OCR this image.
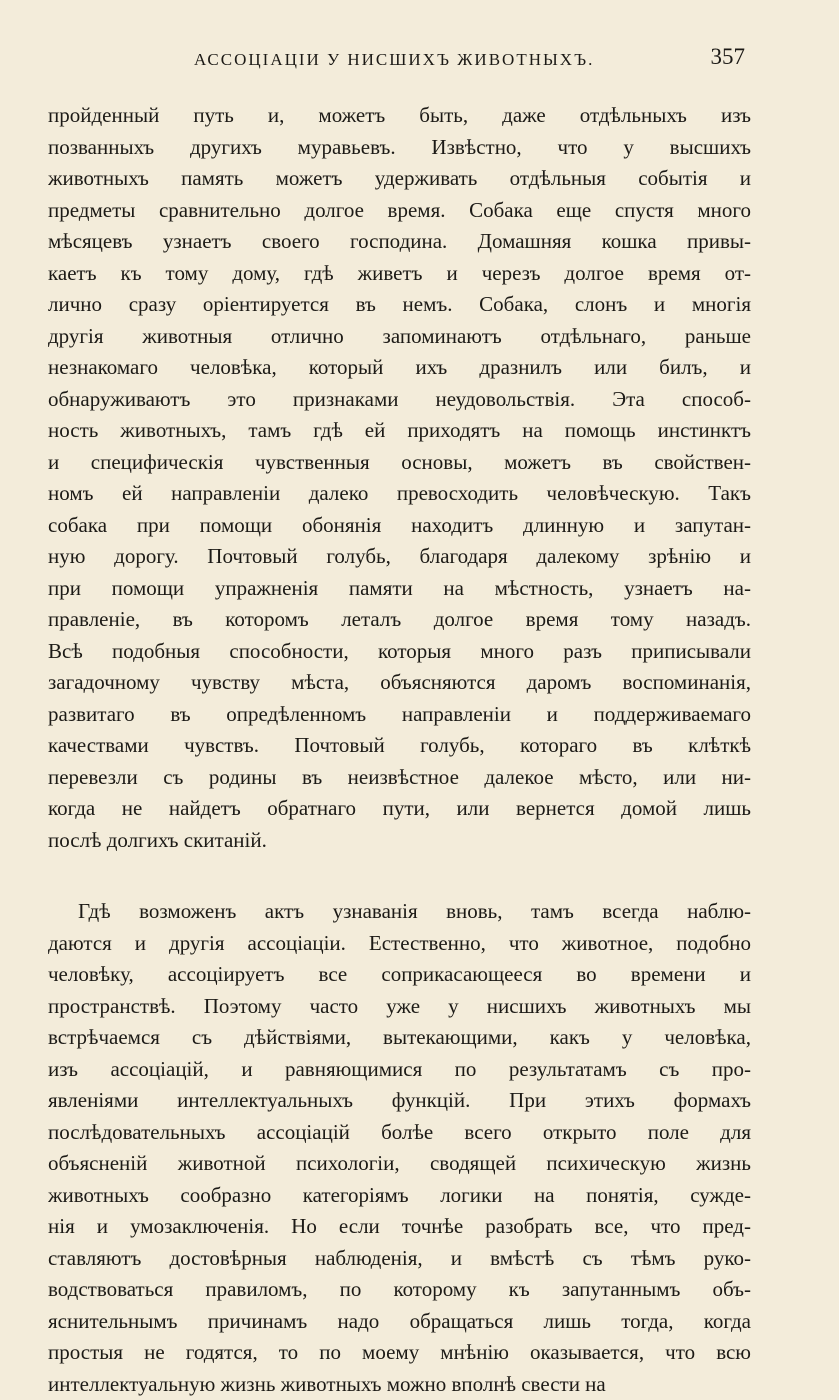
АССОЦІАЦІИ У НИСШИХЪ ЖИВОТНЫХЪ.	357
пройденный путь и, можетъ быть, даже отдѣльныхъ изъ
позванныхъ другихъ муравьевъ. Извѣстно, что у высшихъ
животныхъ память можетъ удерживать отдѣльныя событія и
предметы сравнительно долгое время. Собака еще спустя много
мѣсяцевъ узнаетъ своего господина. Домашняя кошка привы-
каетъ къ тому дому, гдѣ живетъ и черезъ долгое время от-
лично сразу оріентируется въ немъ. Собака, слонъ и многія
другія животныя отлично запоминаютъ отдѣльнаго, раньше
незнакомаго человѣка, который ихъ дразнилъ или билъ, и
обнаруживаютъ это признаками неудовольствія. Эта способ-
ность животныхъ, тамъ гдѣ ей приходятъ на помощь инстинктъ
и специфическія чувственныя основы, можетъ въ свойствен-
номъ ей направленіи далеко превосходить человѣческую. Такъ
собака при помощи обонянія находитъ длинную и запутан-
ную дорогу. Почтовый голубь, благодаря далекому зрѣнію и
при помощи упражненія памяти на мѣстность, узнаетъ на-
правленіе, въ которомъ леталъ долгое время тому назадъ.
Всѣ подобныя способности, которыя много разъ приписывали
загадочному чувству мѣста, объясняются даромъ воспоминанія,
развитаго въ опредѣленномъ направленіи и поддерживаемаго
качествами чувствъ. Почтовый голубь, котораго въ клѣткѣ
перевезли съ родины въ неизвѣстное далекое мѣсто, или ни-
когда не найдетъ обратнаго пути, или вернется домой лишь
послѣ долгихъ скитаній.
Гдѣ возможенъ актъ узнаванія вновь, тамъ всегда наблю-
даются и другія ассоціаціи. Естественно, что животное, подобно
человѣку, ассоціируетъ все соприкасающееся во времени и
пространствѣ. Поэтому часто уже у нисшихъ животныхъ мы
встрѣчаемся съ дѣйствіями, вытекающими, какъ у человѣка,
изъ ассоціацій, и равняющимися по результатамъ съ про-
явленіями интеллектуальныхъ функцій. При этихъ формахъ
послѣдовательныхъ ассоціацій болѣе всего открыто поле для
объясненій животной психологіи, сводящей психическую жизнь
животныхъ сообразно категоріямъ логики на понятія, сужде-
нія и умозаключенія. Но если точнѣе разобрать все, что пред-
ставляютъ достовѣрныя наблюденія, и вмѣстѣ съ тѣмъ руко-
водствоваться правиломъ, по которому къ запутаннымъ объ-
яснительнымъ причинамъ надо обращаться лишь тогда, когда
простыя не годятся, то по моему мнѣнію оказывается, что всю
интеллектуальную жизнь животныхъ можно вполнѣ свести на
